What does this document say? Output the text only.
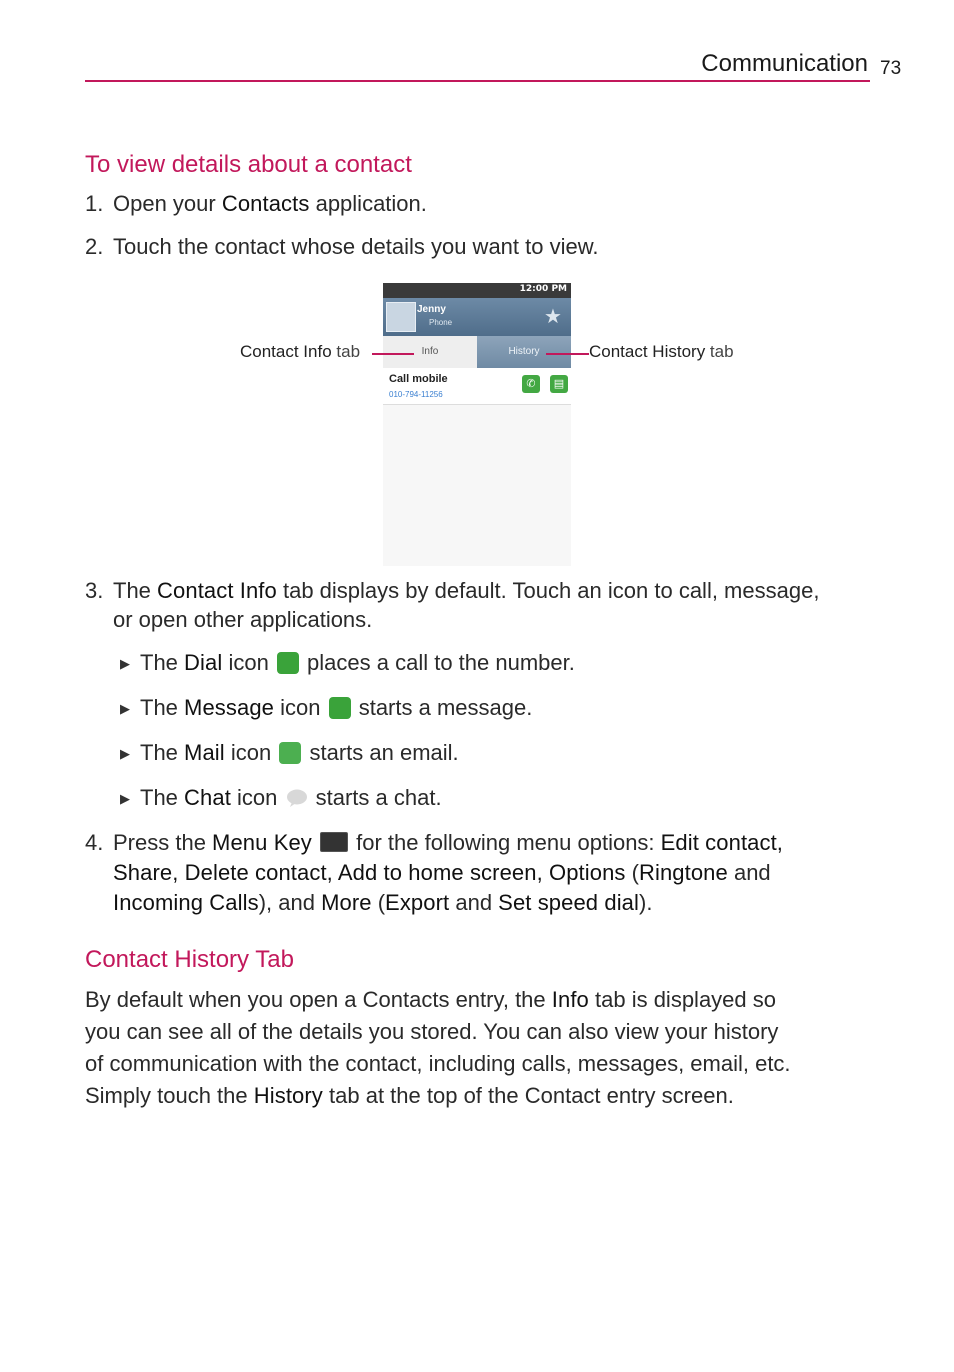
Communication 73
To view details about a contact
1. Open your Contacts application.
2. Touch the contact whose details you want to view.
12:00 PM
Jenny
Phone	★
Info	History
Call mobile
010-794-11256
✆	▤
Contact Info tab	Contact History tab
3. The Contact Info tab displays by default. Touch an icon to call, message,
or open other applications.
▶ The Dial icon  places a call to the number.
▶ The Message icon  starts a message.
▶ The Mail icon  starts an email.
▶ The Chat icon  starts a chat.
4. Press the Menu Key  for the following menu options: Edit contact,
Share, Delete contact, Add to home screen, Options (Ringtone and
Incoming Calls), and More (Export and Set speed dial).
Contact History Tab
By default when you open a Contacts entry, the Info tab is displayed so
you can see all of the details you stored. You can also view your history
of communication with the contact, including calls, messages, email, etc.
Simply touch the History tab at the top of the Contact entry screen.
